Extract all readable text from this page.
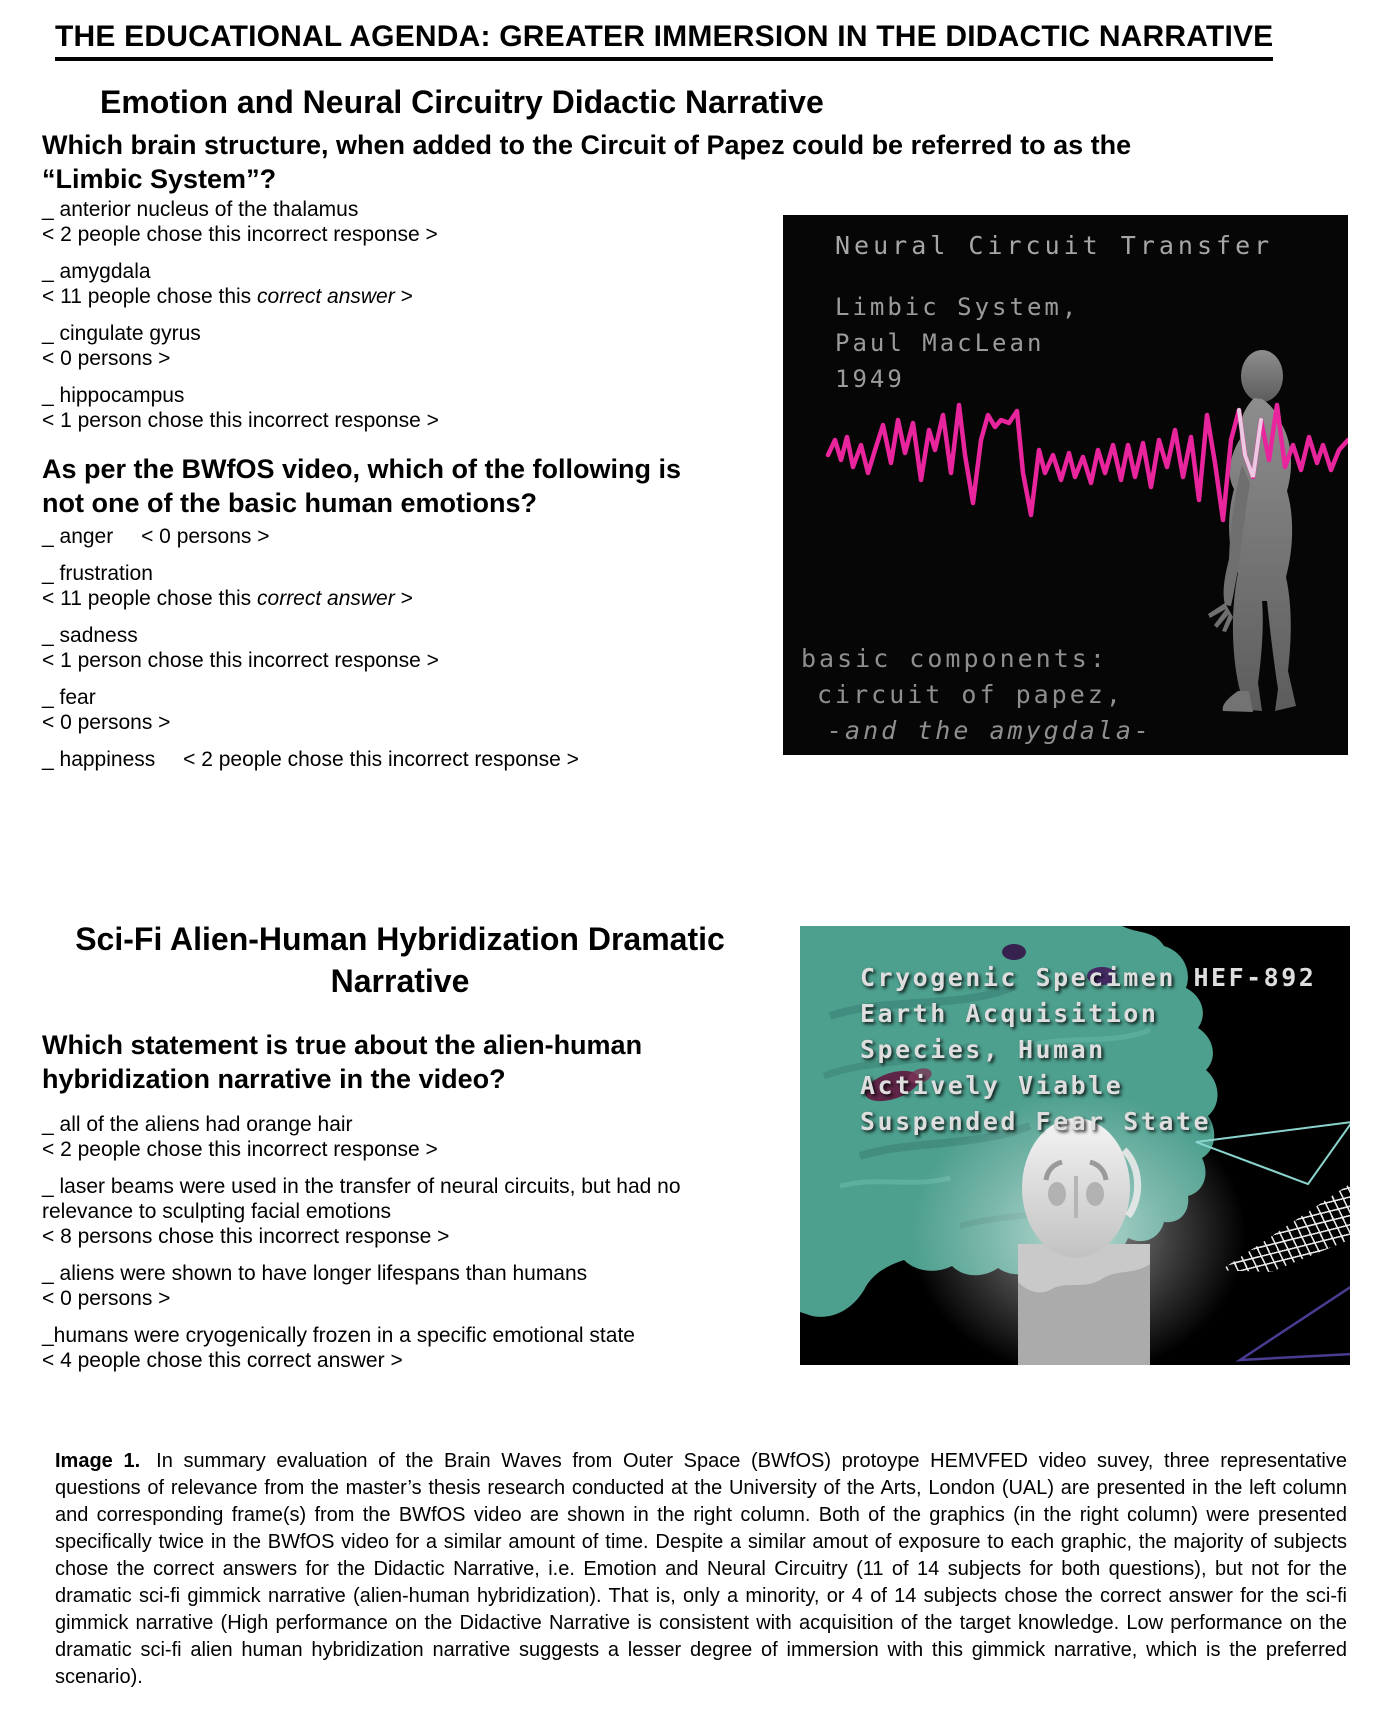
THE EDUCATIONAL AGENDA: GREATER IMMERSION IN THE DIDACTIC NARRATIVE
Emotion and Neural Circuitry Didactic Narrative
Which brain structure, when added to the Circuit of Papez could be referred to as the “Limbic System”?
_ anterior nucleus of the thalamus
< 2 people chose this incorrect response >
_ amygdala
< 11 people chose this correct answer >
_ cingulate gyrus
< 0 persons >
_ hippocampus
< 1 person chose this incorrect response >
As per the BWfOS video, which of the following is not one of the basic human emotions?
_ anger < 0 persons >
_ frustration
< 11 people chose this correct answer >
_ sadness
< 1 person chose this incorrect response >
_ fear
< 0 persons >
_ happiness < 2 people chose this incorrect response >
Neural Circuit Transfer
Limbic System,
Paul MacLean
1949
basic components:
circuit of papez,
-and the amygdala-
Sci-Fi Alien-Human Hybridization Dramatic Narrative
Which statement is true about the alien-human hybridization narrative in the video?
_ all of the aliens had orange hair
< 2 people chose this incorrect response >
_ laser beams were used in the transfer of neural circuits, but had no relevance to sculpting facial emotions
< 8 persons chose this incorrect response >
_ aliens were shown to have longer lifespans than humans
< 0 persons >
_humans were cryogenically frozen in a specific emotional state
< 4 people chose this correct answer >
Cryogenic Specimen HEF-892
Earth Acquisition
Species, Human
Actively Viable
Suspended Fear State
Image 1. In summary evaluation of the Brain Waves from Outer Space (BWfOS) protoype HEMVFED video suvey, three representative questions of relevance from the master’s thesis research conducted at the University of the Arts, London (UAL) are presented in the left column and corresponding frame(s) from the BWfOS video are shown in the right column. Both of the graphics (in the right column) were presented specifically twice in the BWfOS video for a similar amount of time. Despite a similar amout of exposure to each graphic, the majority of subjects chose the correct answers for the Didactic Narrative, i.e. Emotion and Neural Circuitry (11 of 14 subjects for both questions), but not for the dramatic sci-fi gimmick narrative (alien-human hybridization). That is, only a minority, or 4 of 14 subjects chose the correct answer for the sci-fi gimmick narrative (High performance on the Didactive Narrative is consistent with acquisition of the target knowledge. Low performance on the dramatic sci-fi alien human hybridization narrative suggests a lesser degree of immersion with this gimmick narrative, which is the preferred scenario).
